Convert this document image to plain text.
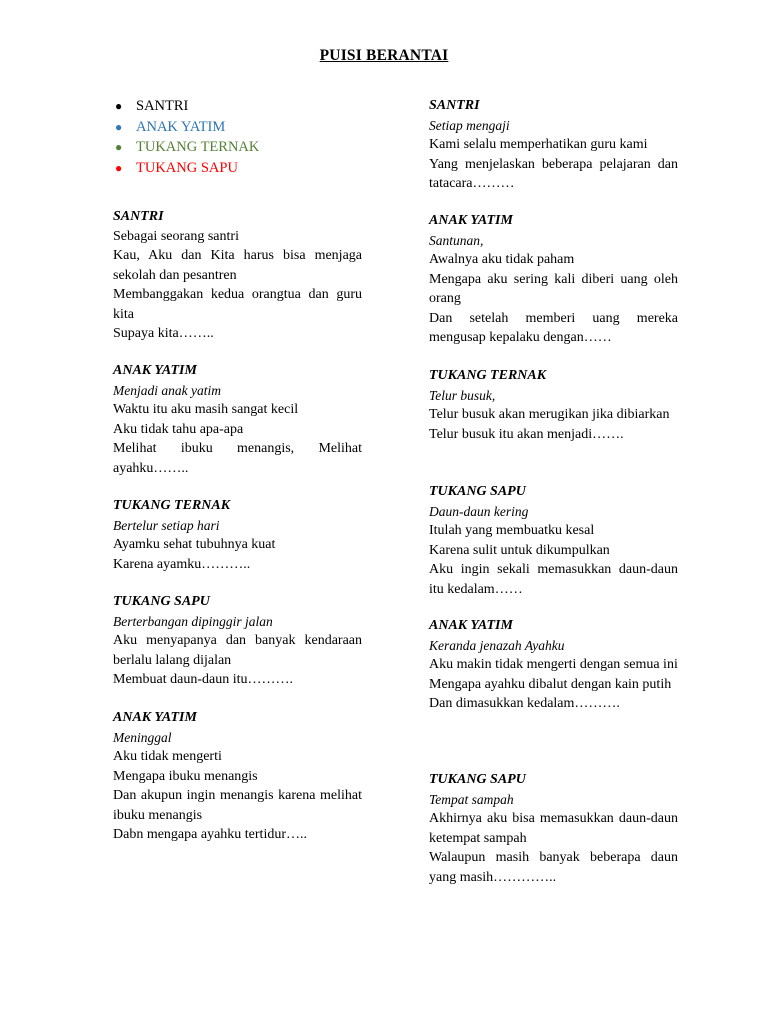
PUISI BERANTAI
● SANTRI
● ANAK YATIM
● TUKANG TERNAK
● TUKANG SAPU
SANTRI
Sebagai seorang santri
Kau, Aku dan Kita harus bisa menjaga sekolah dan pesantren
Membanggakan kedua orangtua dan guru kita
Supaya kita……..
ANAK YATIM
Menjadi anak yatim
Waktu itu aku masih sangat kecil
Aku tidak tahu apa-apa
Melihat ibuku menangis, Melihat ayahku……..
TUKANG TERNAK
Bertelur setiap hari
Ayamku sehat tubuhnya kuat
Karena ayamku………..
TUKANG SAPU
Berterbangan dipinggir jalan
Aku menyapanya dan banyak kendaraan berlalu lalang dijalan
Membuat daun-daun itu……….
ANAK YATIM
Meninggal
Aku tidak mengerti
Mengapa ibuku menangis
Dan akupun ingin menangis karena melihat ibuku menangis
Dabn mengapa ayahku tertidur…..
SANTRI
Setiap mengaji
Kami selalu memperhatikan guru kami
Yang menjelaskan beberapa pelajaran dan tatacara………
ANAK YATIM
Santunan,
Awalnya aku tidak paham
Mengapa aku sering kali diberi uang oleh orang
Dan setelah memberi uang mereka mengusap kepalaku dengan……
TUKANG TERNAK
Telur busuk,
Telur busuk akan merugikan jika dibiarkan
Telur busuk itu akan menjadi…….
TUKANG SAPU
Daun-daun kering
Itulah yang membuatku kesal
Karena sulit untuk dikumpulkan
Aku ingin sekali memasukkan daun-daun itu kedalam……
ANAK YATIM
Keranda jenazah Ayahku
Aku makin tidak mengerti dengan semua ini
Mengapa ayahku dibalut dengan kain putih
Dan dimasukkan kedalam……….
TUKANG SAPU
Tempat sampah
Akhirnya aku bisa memasukkan daun-daun ketempat sampah
Walaupun masih banyak beberapa daun yang masih…………..
